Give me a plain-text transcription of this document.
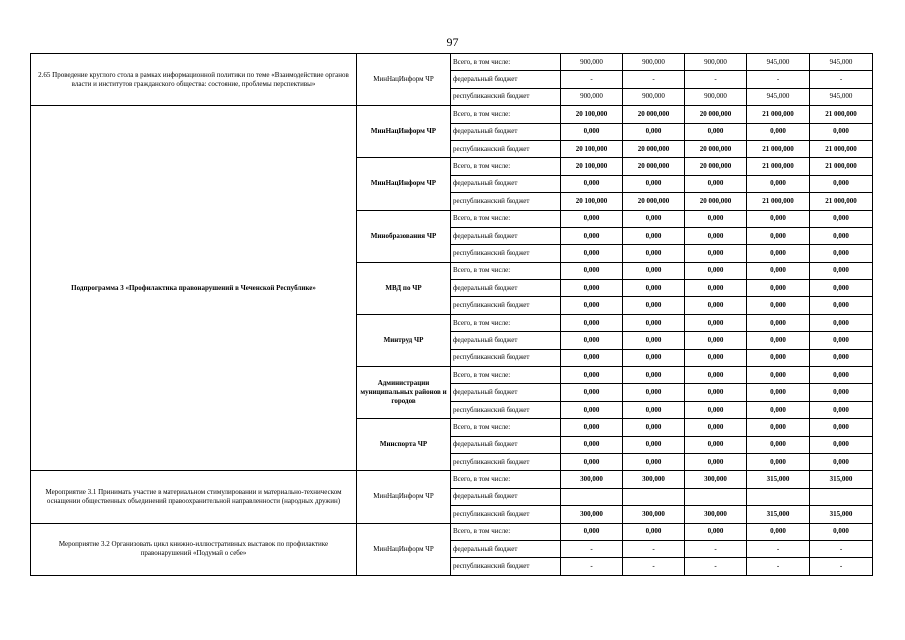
97
2.65 Проведение круглого стола в рамках информационной политики по теме «Взаимодействие органов власти и институтов гражданского общества: состояние, проблемы перспективы»	МинНацИнформ ЧР	Всего, в том числе:	900,000	900,000	900,000	945,000	945,000
		федеральный бюджет	-	-	-	-	-
		республиканский бюджет	900,000	900,000	900,000	945,000	945,000
Подпрограмма 3 «Профилактика правонарушений в Чеченской Республике»	МинНацИнформ ЧР	Всего, в том числе:	20 100,000	20 000,000	20 000,000	21 000,000	21 000,000
		федеральный бюджет	0,000	0,000	0,000	0,000	0,000
		республиканский бюджет	20 100,000	20 000,000	20 000,000	21 000,000	21 000,000
	МинНацИнформ ЧР	Всего, в том числе:	20 100,000	20 000,000	20 000,000	21 000,000	21 000,000
		федеральный бюджет	0,000	0,000	0,000	0,000	0,000
		республиканский бюджет	20 100,000	20 000,000	20 000,000	21 000,000	21 000,000
	Минобразования ЧР	Всего, в том числе:	0,000	0,000	0,000	0,000	0,000
		федеральный бюджет	0,000	0,000	0,000	0,000	0,000
		республиканский бюджет	0,000	0,000	0,000	0,000	0,000
	МВД по ЧР	Всего, в том числе:	0,000	0,000	0,000	0,000	0,000
		федеральный бюджет	0,000	0,000	0,000	0,000	0,000
		республиканский бюджет	0,000	0,000	0,000	0,000	0,000
	Минтруд ЧР	Всего, в том числе:	0,000	0,000	0,000	0,000	0,000
		федеральный бюджет	0,000	0,000	0,000	0,000	0,000
		республиканский бюджет	0,000	0,000	0,000	0,000	0,000
	Администрации муниципальных районов и городов	Всего, в том числе:	0,000	0,000	0,000	0,000	0,000
		федеральный бюджет	0,000	0,000	0,000	0,000	0,000
		республиканский бюджет	0,000	0,000	0,000	0,000	0,000
	Минспорта ЧР	Всего, в том числе:	0,000	0,000	0,000	0,000	0,000
		федеральный бюджет	0,000	0,000	0,000	0,000	0,000
		республиканский бюджет	0,000	0,000	0,000	0,000	0,000
Мероприятие 3.1 Принимать участие в материальном стимулировании и материально-техническом оснащении общественных объединений правоохранительной направленности (народных дружин)	МинНацИнформ ЧР	Всего, в том числе:	300,000	300,000	300,000	315,000	315,000
		федеральный бюджет					
		республиканский бюджет	300,000	300,000	300,000	315,000	315,000
Мероприятие 3.2 Организовать цикл книжно-иллюстративных выставок по профилактике правонарушений «Подумай о себе»	МинНацИнформ ЧР	Всего, в том числе:	0,000	0,000	0,000	0,000	0,000
		федеральный бюджет	-	-	-	-	-
		республиканский бюджет	-	-	-	-	-
